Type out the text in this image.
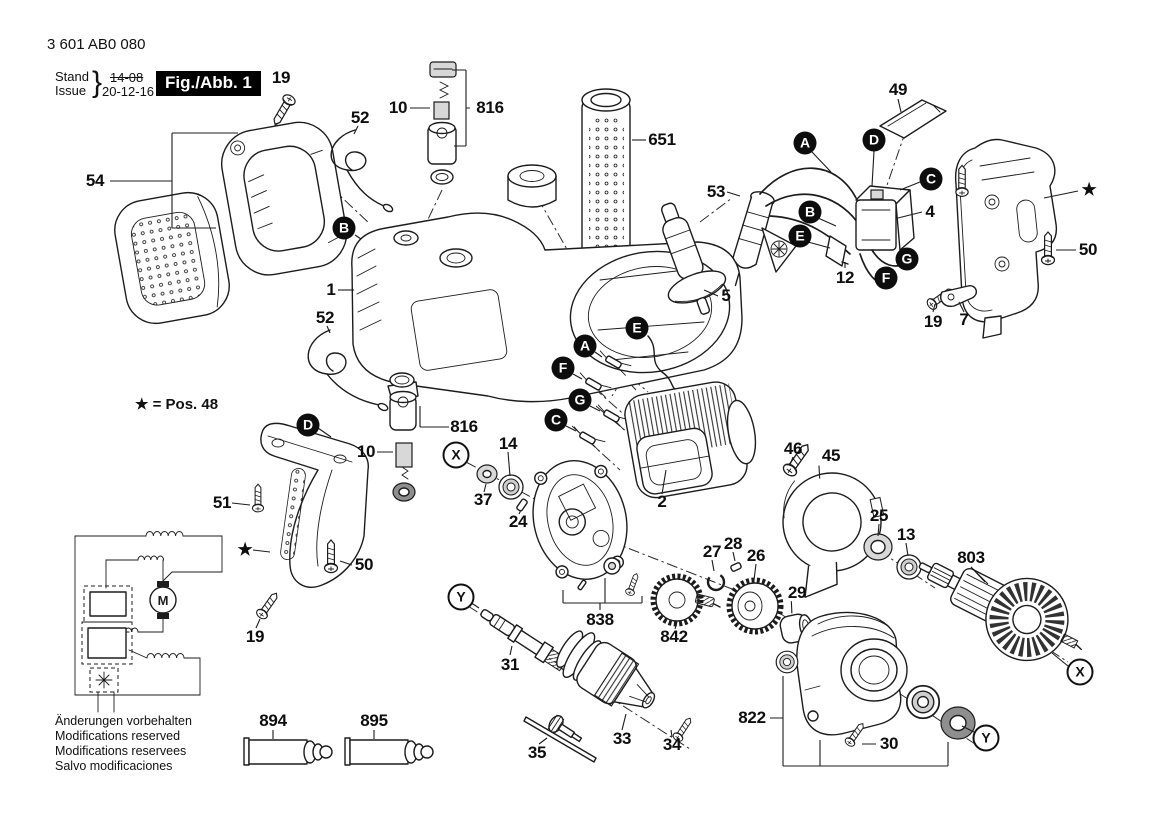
M
3 601 AB0 080
Stand
Issue } 14-08
20-12-16 Fig./Abb. 1
★ = Pos. 48
Änderungen vorbehalten
Modifications reserved
Modifications reservees
Salvo modificaciones
19
54
52
10	816
651
53
49
4
12
5
50
19 7
★
1
52
816
10	14
37
24
51
★
50
19
2
46 45
25
13
803
27 28
26
29
838
842
31
33 34
35
822
30
894	895
A	D
C
B
E
G
F
B
D
E
A
F
G
C
X
Y
X
Y
